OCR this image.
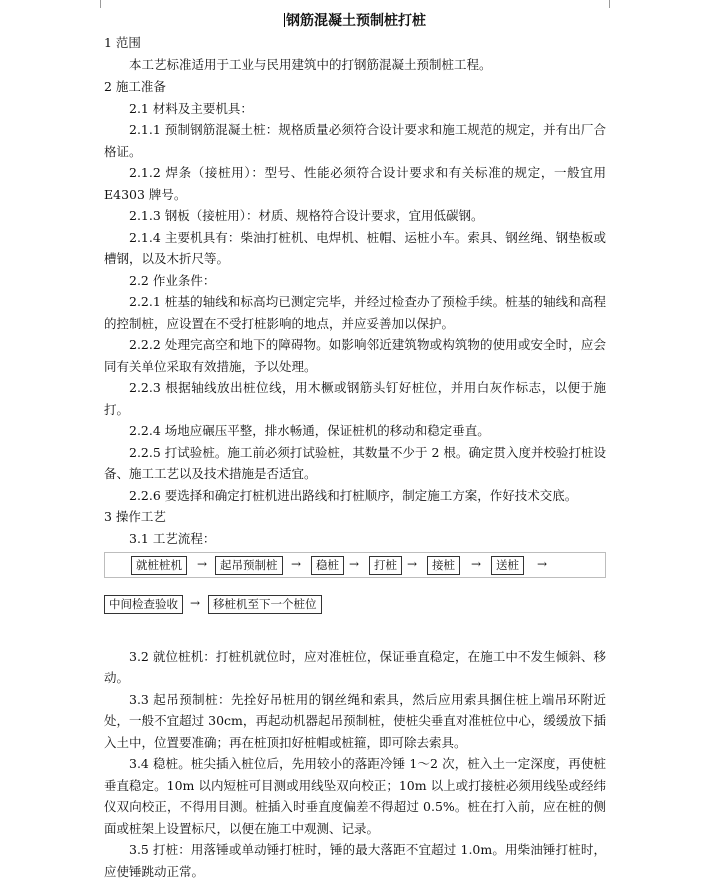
钢筋混凝土预制桩打桩

1 范围

本工艺标准适用于工业与民用建筑中的打钢筋混凝土预制桩工程。

2 施工准备

2.1 材料及主要机具：

2.1.1 预制钢筋混凝土桩：规格质量必须符合设计要求和施工规范的规定，并有出厂合格证。

2.1.2 焊条（接桩用）：型号、性能必须符合设计要求和有关标准的规定，一般宜用 E4303 牌号。

2.1.3 钢板（接桩用）：材质、规格符合设计要求，宜用低碳钢。

2.1.4 主要机具有：柴油打桩机、电焊机、桩帽、运桩小车。索具、钢丝绳、钢垫板或槽钢，以及木折尺等。

2.2 作业条件：

2.2.1 桩基的轴线和标高均已测定完毕，并经过检查办了预检手续。桩基的轴线和高程的控制桩，应设置在不受打桩影响的地点，并应妥善加以保护。

2.2.2 处理完高空和地下的障碍物。如影响邻近建筑物或构筑物的使用或安全时，应会同有关单位采取有效措施，予以处理。

2.2.3 根据轴线放出桩位线，用木橛或钢筋头钉好桩位，并用白灰作标志，以便于施打。

2.2.4 场地应碾压平整，排水畅通，保证桩机的移动和稳定垂直。

2.2.5 打试验桩。施工前必须打试验桩，其数量不少于 2 根。确定贯入度并校验打桩设备、施工工艺以及技术措施是否适宜。

2.2.6 要选择和确定打桩机进出路线和打桩顺序，制定施工方案，作好技术交底。

3 操作工艺

3.1 工艺流程：

就桩桩机	→	起吊预制桩	→	稳桩 →	打桩 →	接桩	→	送桩	→
中间检查验收	→	移桩机至下一个桩位

3.2 就位桩机：打桩机就位时，应对准桩位，保证垂直稳定，在施工中不发生倾斜、移动。

3.3 起吊预制桩：先拴好吊桩用的钢丝绳和索具，然后应用索具捆住桩上端吊环附近处，一般不宜超过 30cm，再起动机器起吊预制桩，使桩尖垂直对准桩位中心，缓缓放下插入土中，位置要准确；再在桩顶扣好桩帽或桩箍，即可除去索具。

3.4 稳桩。桩尖插入桩位后，先用较小的落距冷锤 1～2 次，桩入土一定深度，再使桩垂直稳定。10m 以内短桩可目测或用线坠双向校正；10m 以上或打接桩必须用线坠或经纬仪双向校正，不得用目测。桩插入时垂直度偏差不得超过 0.5%。桩在打入前，应在桩的侧面或桩架上设置标尺，以便在施工中观测、记录。

3.5 打桩：用落锤或单动锤打桩时，锤的最大落距不宜超过 1.0m。用柴油锤打桩时，应使锤跳动正常。
